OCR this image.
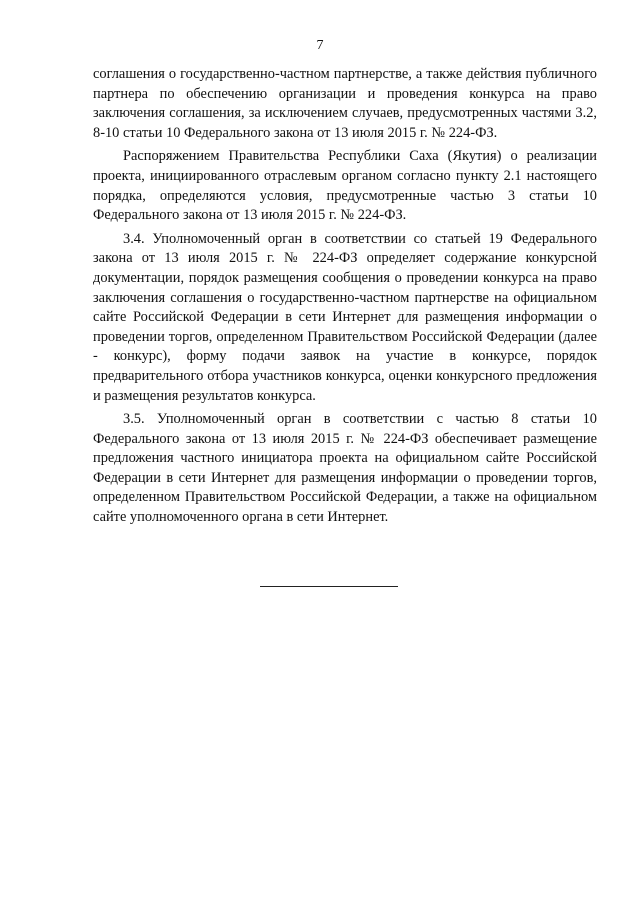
7

соглашения о государственно-частном партнерстве, а также действия публичного партнера по обеспечению организации и проведения конкурса на право заключения соглашения, за исключением случаев, предусмотренных частями 3.2, 8-10 статьи 10 Федерального закона от 13 июля 2015 г. № 224-ФЗ.

Распоряжением Правительства Республики Саха (Якутия) о реализации проекта, инициированного отраслевым органом согласно пункту 2.1 настоящего порядка, определяются условия, предусмотренные частью 3 статьи 10 Федерального закона от 13 июля 2015 г. № 224-ФЗ.

3.4. Уполномоченный орган в соответствии со статьей 19 Федерального закона от 13 июля 2015 г. № 224-ФЗ определяет содержание конкурсной документации, порядок размещения сообщения о проведении конкурса на право заключения соглашения о государственно-частном партнерстве на официальном сайте Российской Федерации в сети Интернет для размещения информации о проведении торгов, определенном Правительством Российской Федерации (далее - конкурс), форму подачи заявок на участие в конкурсе, порядок предварительного отбора участников конкурса, оценки конкурсного предложения и размещения результатов конкурса.

3.5. Уполномоченный орган в соответствии с частью 8 статьи 10 Федерального закона от 13 июля 2015 г. № 224-ФЗ обеспечивает размещение предложения частного инициатора проекта на официальном сайте Российской Федерации в сети Интернет для размещения информации о проведении торгов, определенном Правительством Российской Федерации, а также на официальном сайте уполномоченного органа в сети Интернет.
